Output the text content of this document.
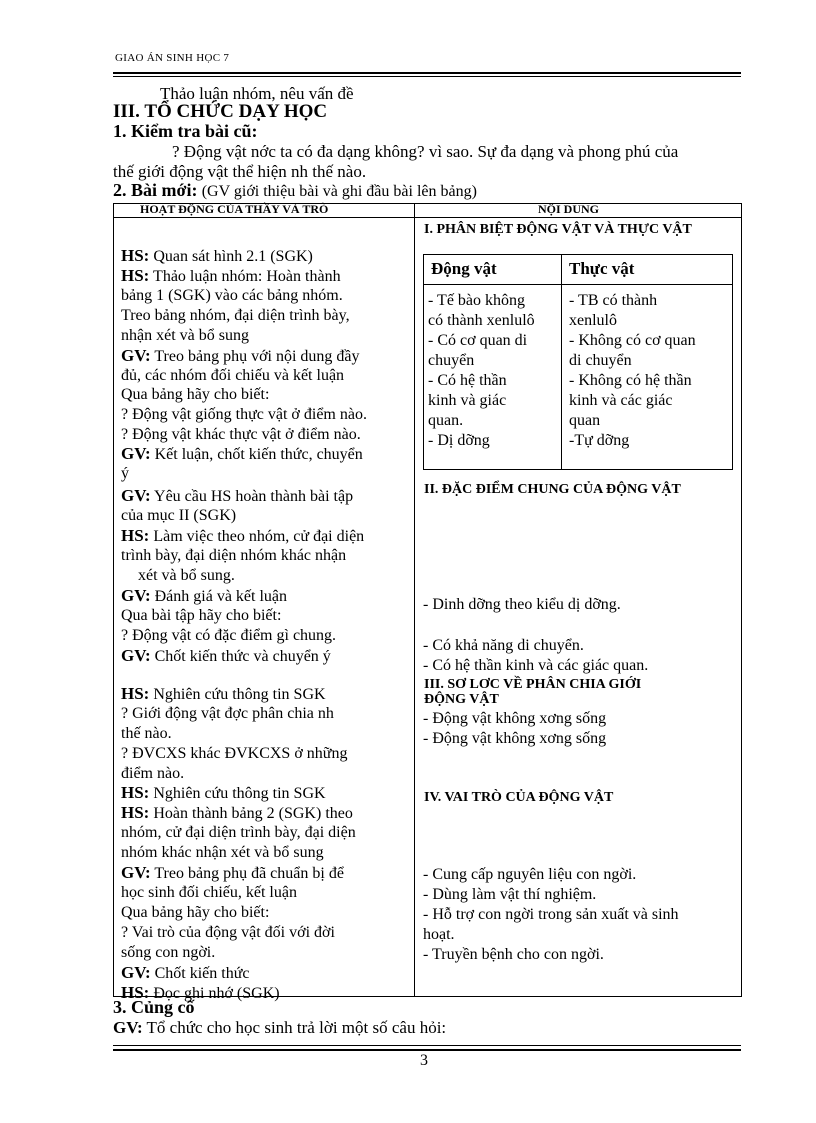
GIAO ÁN SINH HỌC 7
Thảo luận nhóm, nêu vấn đề
III. TỔ CHỨC DẠY HỌC
1. Kiểm tra bài cũ:
? Động vật nớc ta có đa dạng không? vì sao. Sự đa dạng và phong phú của
thế giới động vật thể hiện nh thế nào.
2. Bài mới: (GV giới thiệu bài và ghi đầu bài lên bảng)
HOẠT ĐỘNG CỦA THẦY VÀ TRÒ	NỘI DUNG
HS: Quan sát hình 2.1 (SGK)
HS: Thảo luận nhóm: Hoàn thành
bảng 1 (SGK) vào các bảng nhóm.
Treo bảng nhóm, đại diện trình bày,
nhận xét và bổ sung
GV: Treo bảng phụ với nội dung đầy
đủ, các nhóm đối chiếu và kết luận
Qua bảng hãy cho biết:
? Động vật giống thực vật ở điểm nào.
? Động vật khác thực vật ở điểm nào.
GV: Kết luận, chốt kiến thức, chuyển
ý
GV: Yêu cầu HS hoàn thành bài tập
của mục II (SGK)
HS: Làm việc theo nhóm, cử đại diện
trình bày, đại diện nhóm khác nhận
xét và bổ sung.
GV: Đánh giá và kết luận
Qua bài tập hãy cho biết:
? Động vật có đặc điểm gì chung.
GV: Chốt kiến thức và chuyển ý
HS: Nghiên cứu thông tin SGK
? Giới động vật đợc phân chia nh
thế nào.
? ĐVCXS khác ĐVKCXS ở những
điểm nào.
HS: Nghiên cứu thông tin SGK
HS: Hoàn thành bảng 2 (SGK) theo
nhóm, cử đại diện trình bày, đại diện
nhóm khác nhận xét và bổ sung
GV: Treo bảng phụ đã chuẩn bị để
học sinh đối chiếu, kết luận
Qua bảng hãy cho biết:
? Vai trò của động vật đối với đời
sống con ngời.
GV: Chốt kiến thức
HS: Đọc ghi nhớ (SGK)
I. PHÂN BIỆT ĐỘNG VẬT VÀ THỰC VẬT
Động vật	Thực vật
- Tế bào không
có thành xenlulô
- Có cơ quan di
chuyển
- Có hệ thần
kinh và giác
quan.
- Dị dỡng
- TB có thành
xenlulô
- Không có cơ quan
di chuyển
- Không có hệ thần
kinh và các giác
quan
-Tự dỡng
II. ĐẶC ĐIỂM CHUNG CỦA ĐỘNG VẬT
- Dinh dỡng theo kiểu dị dỡng.
- Có khả năng di chuyển.
- Có hệ thần kinh và các giác quan.
III. SƠ LƠC VỀ PHÂN CHIA GIỚI
ĐỘNG VẬT
- Động vật không xơng sống
- Động vật không xơng sống
IV. VAI TRÒ CỦA ĐỘNG VẬT
- Cung cấp nguyên liệu con ngời.
- Dùng làm vật thí nghiệm.
- Hỗ trợ con ngời trong sản xuất và sinh
hoạt.
- Truyền bệnh cho con ngời.
3. Củng cố
GV: Tổ chức cho học sinh trả lời một số câu hỏi:
3
